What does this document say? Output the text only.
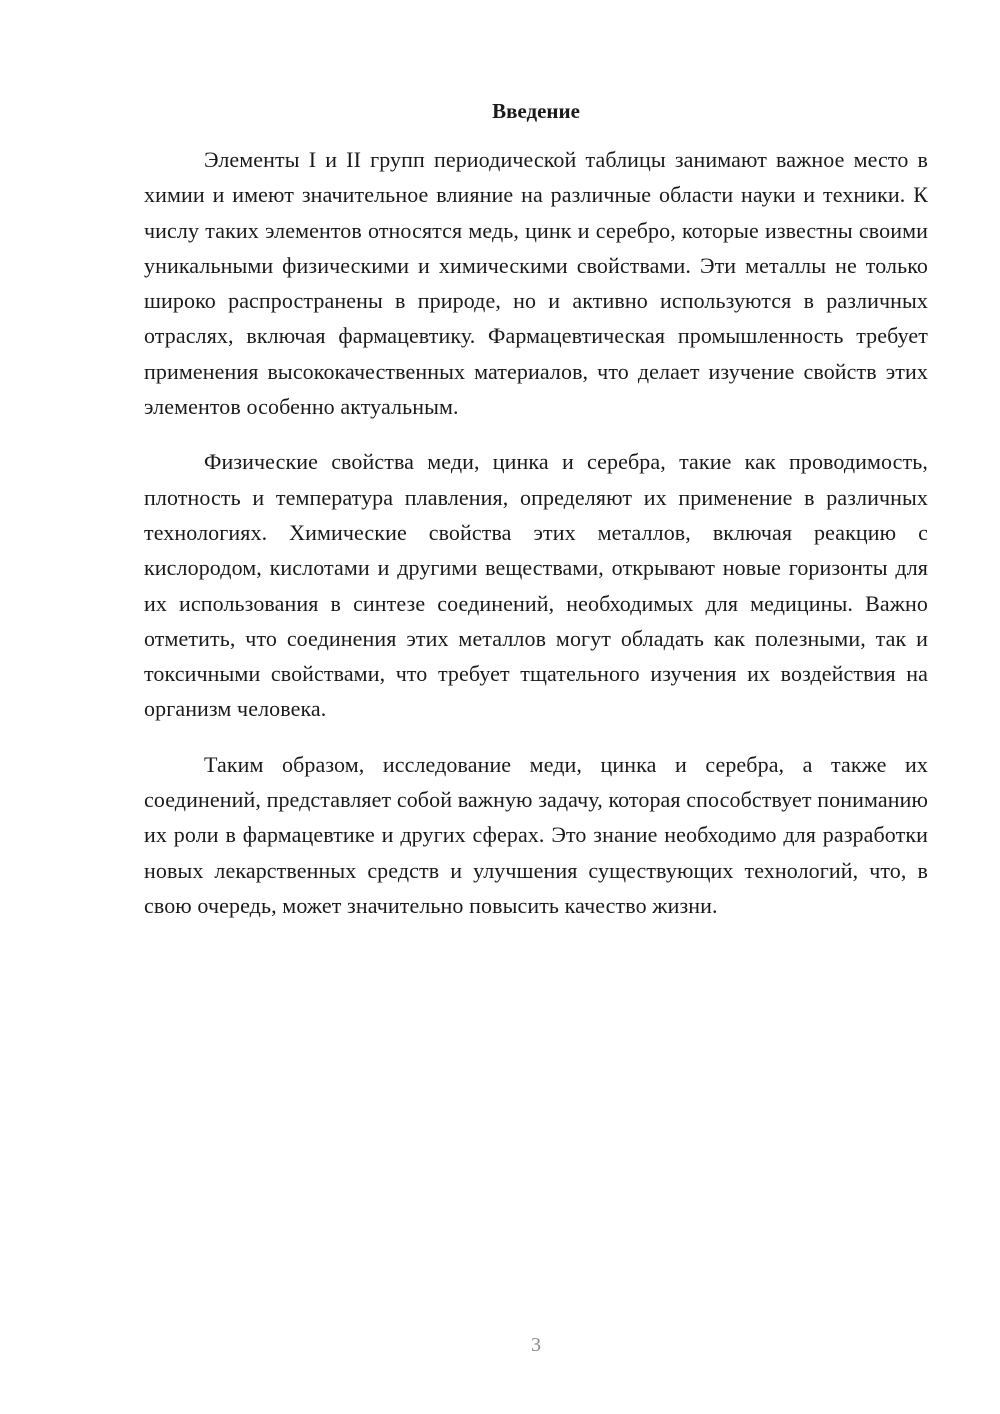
Введение

Элементы I и II групп периодической таблицы занимают важное место в химии и имеют значительное влияние на различные области науки и техники. К числу таких элементов относятся медь, цинк и серебро, которые известны своими уникальными физическими и химическими свойствами. Эти металлы не только широко распространены в природе, но и активно используются в различных отраслях, включая фармацевтику. Фармацевтическая промышленность требует применения высококачественных материалов, что делает изучение свойств этих элементов особенно актуальным.

Физические свойства меди, цинка и серебра, такие как проводимость, плотность и температура плавления, определяют их применение в различных технологиях. Химические свойства этих металлов, включая реакцию с кислородом, кислотами и другими веществами, открывают новые горизонты для их использования в синтезе соединений, необходимых для медицины. Важно отметить, что соединения этих металлов могут обладать как полезными, так и токсичными свойствами, что требует тщательного изучения их воздействия на организм человека.

Таким образом, исследование меди, цинка и серебра, а также их соединений, представляет собой важную задачу, которая способствует пониманию их роли в фармацевтике и других сферах. Это знание необходимо для разработки новых лекарственных средств и улучшения существующих технологий, что, в свою очередь, может значительно повысить качество жизни.

3
